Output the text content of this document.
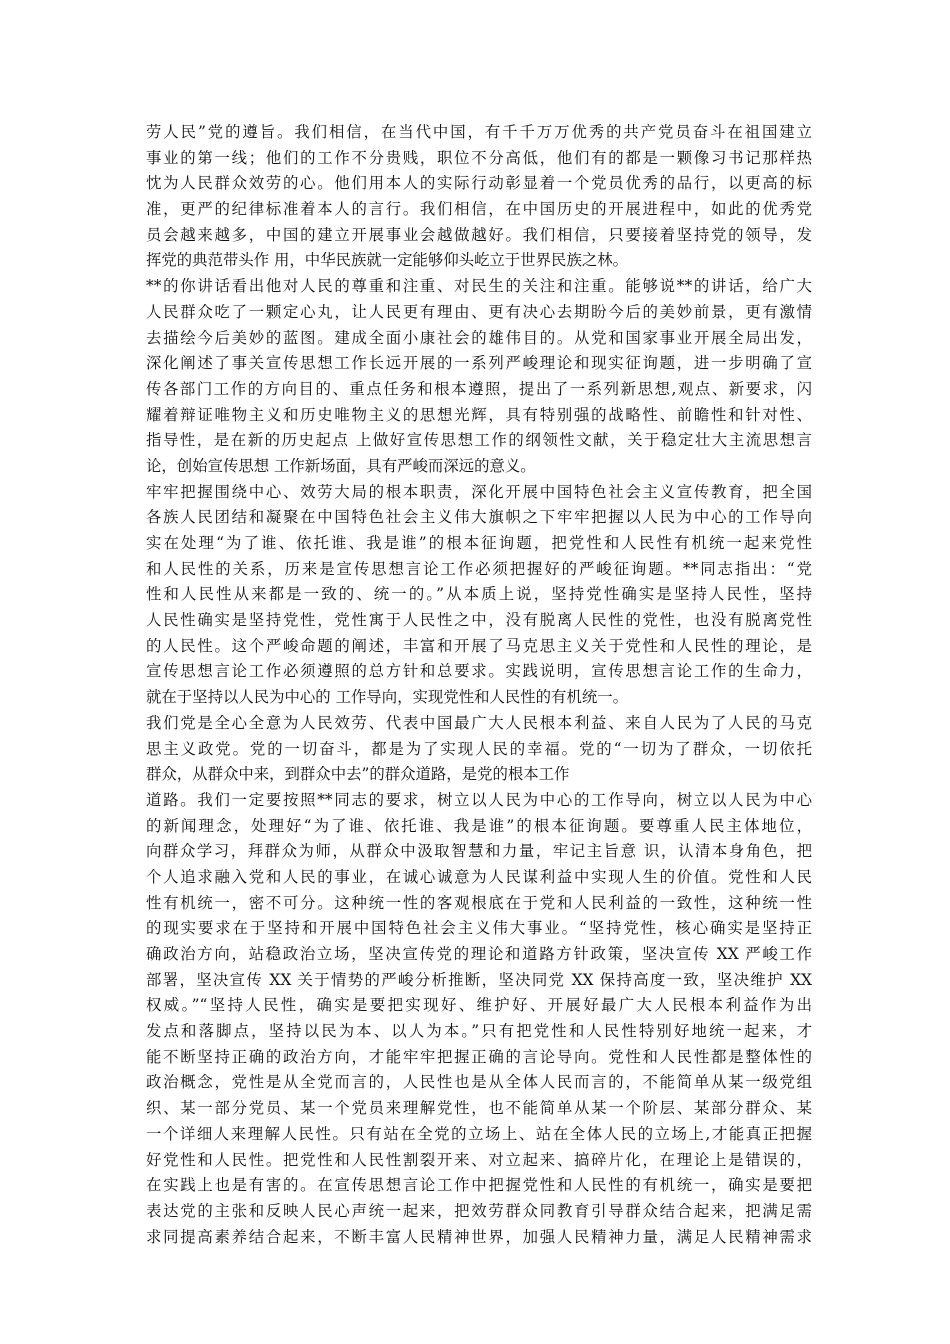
劳人民”党的遵旨。我们相信，在当代中国，有千千万万优秀的共产党员奋斗在祖国建立
事业的第一线；他们的工作不分贵贱，职位不分高低，他们有的都是一颗像习书记那样热
忱为人民群众效劳的心。他们用本人的实际行动彰显着一个党员优秀的品行，以更高的标
准，更严的纪律标准着本人的言行。我们相信，在中国历史的开展进程中，如此的优秀党
员会越来越多，中国的建立开展事业会越做越好。我们相信，只要接着坚持党的领导，发
挥党的典范带头作 用，中华民族就一定能够仰头屹立于世界民族之林。
**的你讲话看出他对人民的尊重和注重、对民生的关注和注重。能够说**的讲话，给广大
人民群众吃了一颗定心丸，让人民更有理由、更有决心去期盼今后的美妙前景，更有激情
去描绘今后美妙的蓝图。建成全面小康社会的雄伟目的。从党和国家事业开展全局出发，
深化阐述了事关宣传思想工作长远开展的一系列严峻理论和现实征询题，进一步明确了宣
传各部门工作的方向目的、重点任务和根本遵照，提出了一系列新思想,观点、新要求，闪
耀着辩证唯物主义和历史唯物主义的思想光辉，具有特别强的战略性、前瞻性和针对性、
指导性，是在新的历史起点 上做好宣传思想工作的纲领性文献，关于稳定壮大主流思想言
论，创始宣传思想 工作新场面，具有严峻而深远的意义。
牢牢把握围绕中心、效劳大局的根本职责，深化开展中国特色社会主义宣传教育，把全国
各族人民团结和凝聚在中国特色社会主义伟大旗帜之下牢牢把握以人民为中心的工作导向
实在处理“为了谁、依托谁、我是谁”的根本征询题，把党性和人民性有机统一起来党性
和人民性的关系，历来是宣传思想言论工作必须把握好的严峻征询题。**同志指出：“党
性和人民性从来都是一致的、统一的。”从本质上说，坚持党性确实是坚持人民性，坚持
人民性确实是坚持党性，党性寓于人民性之中，没有脱离人民性的党性，也没有脱离党性
的人民性。这个严峻命题的阐述，丰富和开展了马克思主义关于党性和人民性的理论，是
宣传思想言论工作必须遵照的总方针和总要求。实践说明，宣传思想言论工作的生命力，
就在于坚持以人民为中心的 工作导向，实现党性和人民性的有机统一。
我们党是全心全意为人民效劳、代表中国最广大人民根本利益、来自人民为了人民的马克
思主义政党。党的一切奋斗，都是为了实现人民的幸福。党的“一切为了群众，一切依托
群众，从群众中来，到群众中去”的群众道路，是党的根本工作
道路。我们一定要按照**同志的要求，树立以人民为中心的工作导向，树立以人民为中心
的新闻理念，处理好“为了谁、依托谁、我是谁”的根本征询题。要尊重人民主体地位，
向群众学习，拜群众为师，从群众中汲取智慧和力量，牢记主旨意 识，认清本身角色，把
个人追求融入党和人民的事业，在诚心诚意为人民谋利益中实现人生的价值。党性和人民
性有机统一，密不可分。这种统一性的客观根底在于党和人民利益的一致性，这种统一性
的现实要求在于坚持和开展中国特色社会主义伟大事业。“坚持党性，核心确实是坚持正
确政治方向，站稳政治立场，坚决宣传党的理论和道路方针政策，坚决宣传 XX 严峻工作
部署，坚决宣传 XX 关于情势的严峻分析推断，坚决同党 XX 保持高度一致，坚决维护 XX
权威。”“坚持人民性，确实是要把实现好、维护好、开展好最广大人民根本利益作为出
发点和落脚点，坚持以民为本、以人为本。”只有把党性和人民性特别好地统一起来，才
能不断坚持正确的政治方向，才能牢牢把握正确的言论导向。党性和人民性都是整体性的
政治概念，党性是从全党而言的，人民性也是从全体人民而言的，不能简单从某一级党组
织、某一部分党员、某一个党员来理解党性，也不能简单从某一个阶层、某部分群众、某
一个详细人来理解人民性。只有站在全党的立场上、站在全体人民的立场上,才能真正把握
好党性和人民性。把党性和人民性割裂开来、对立起来、搞碎片化，在理论上是错误的，
在实践上也是有害的。在宣传思想言论工作中把握党性和人民性的有机统一，确实是要把
表达党的主张和反映人民心声统一起来，把效劳群众同教育引导群众结合起来，把满足需
求同提高素养结合起来，不断丰富人民精神世界，加强人民精神力量，满足人民精神需求
